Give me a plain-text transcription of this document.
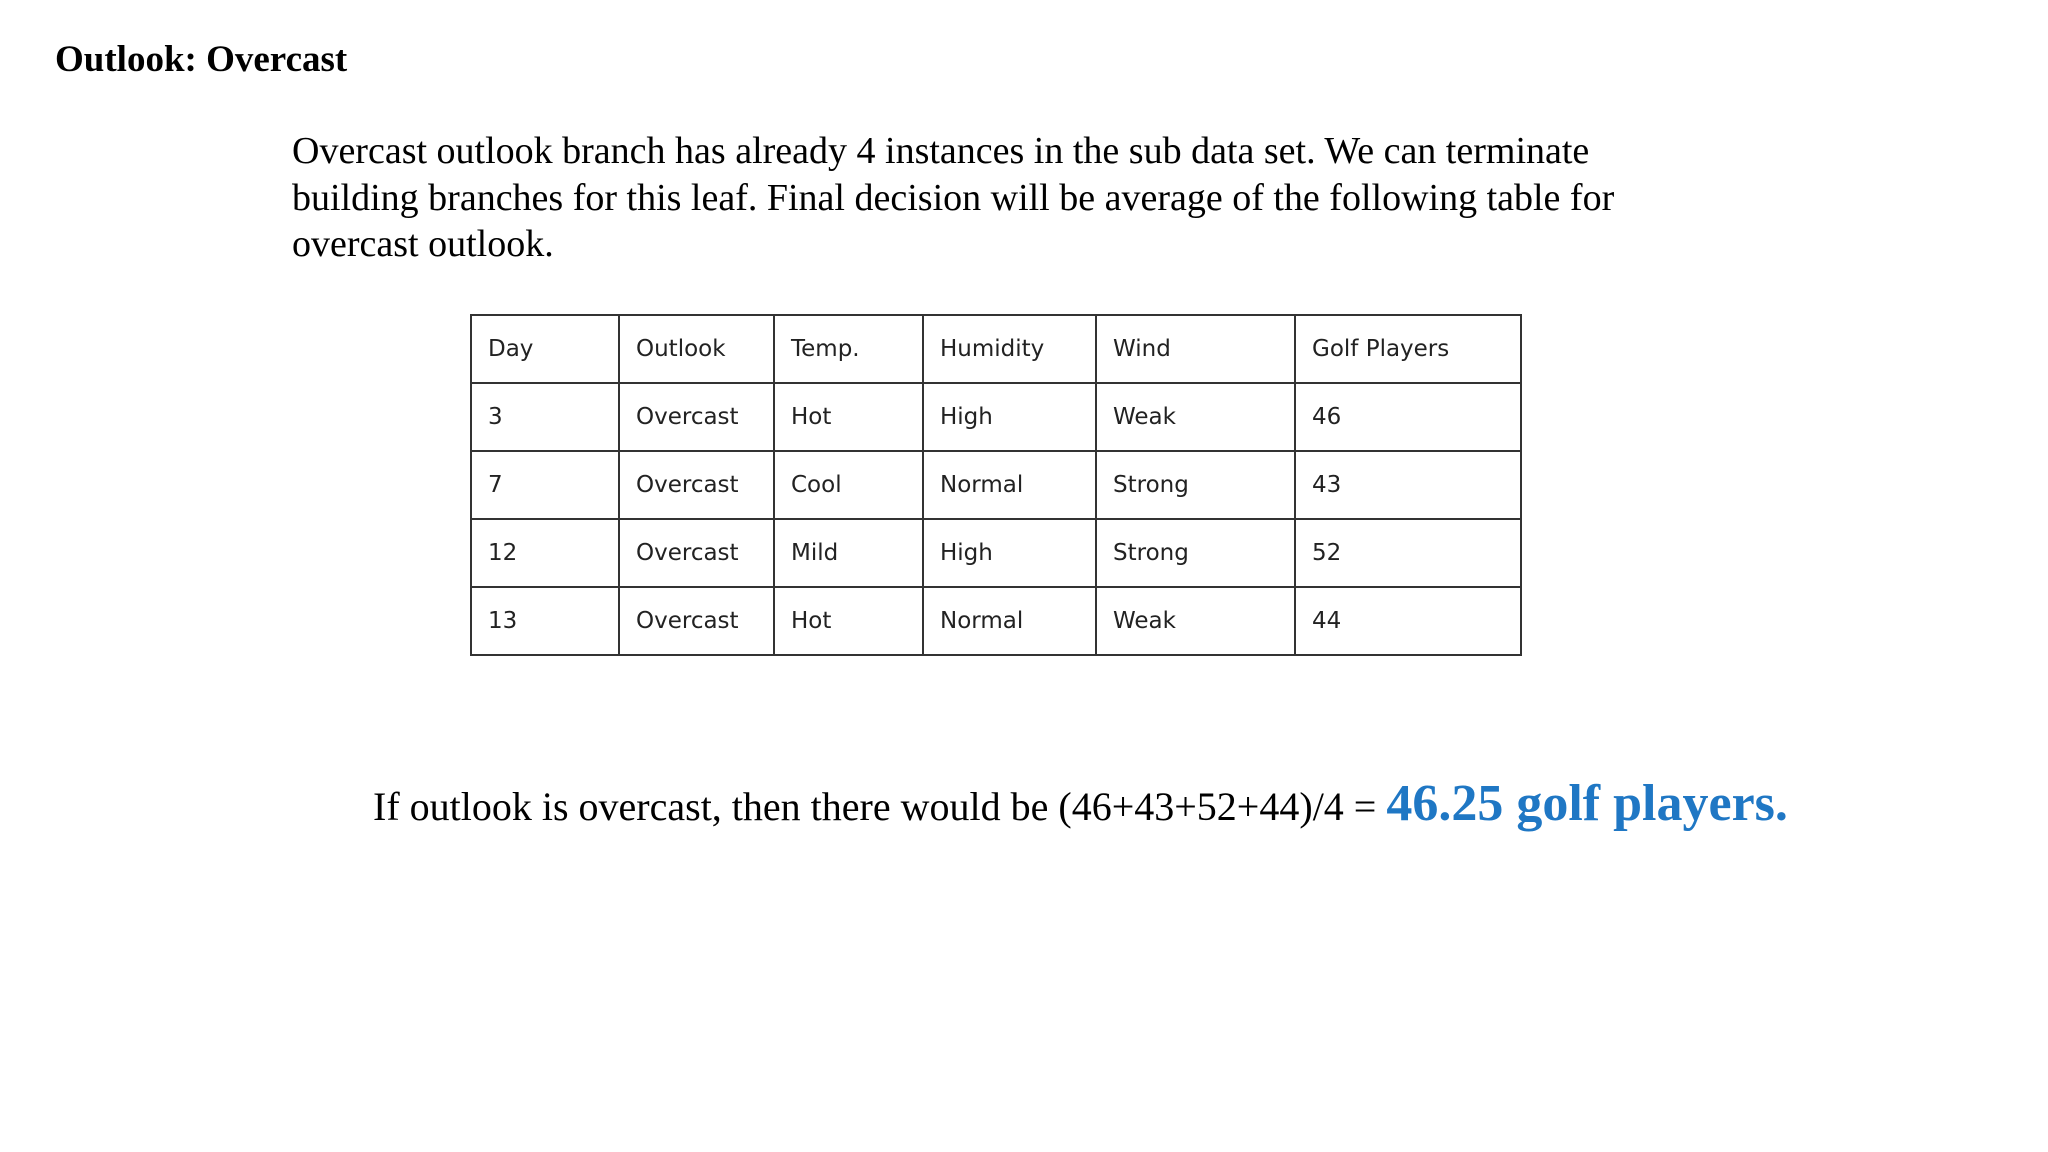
Outlook: Overcast

Overcast outlook branch has already 4 instances in the sub data set. We can terminate building branches for this leaf. Final decision will be average of the following table for overcast outlook.

Day	Outlook	Temp.	Humidity	Wind	Golf Players
3	Overcast	Hot	High	Weak	46
7	Overcast	Cool	Normal	Strong	43
12	Overcast	Mild	High	Strong	52
13	Overcast	Hot	Normal	Weak	44

If outlook is overcast, then there would be (46+43+52+44)/4 = 46.25 golf players.
